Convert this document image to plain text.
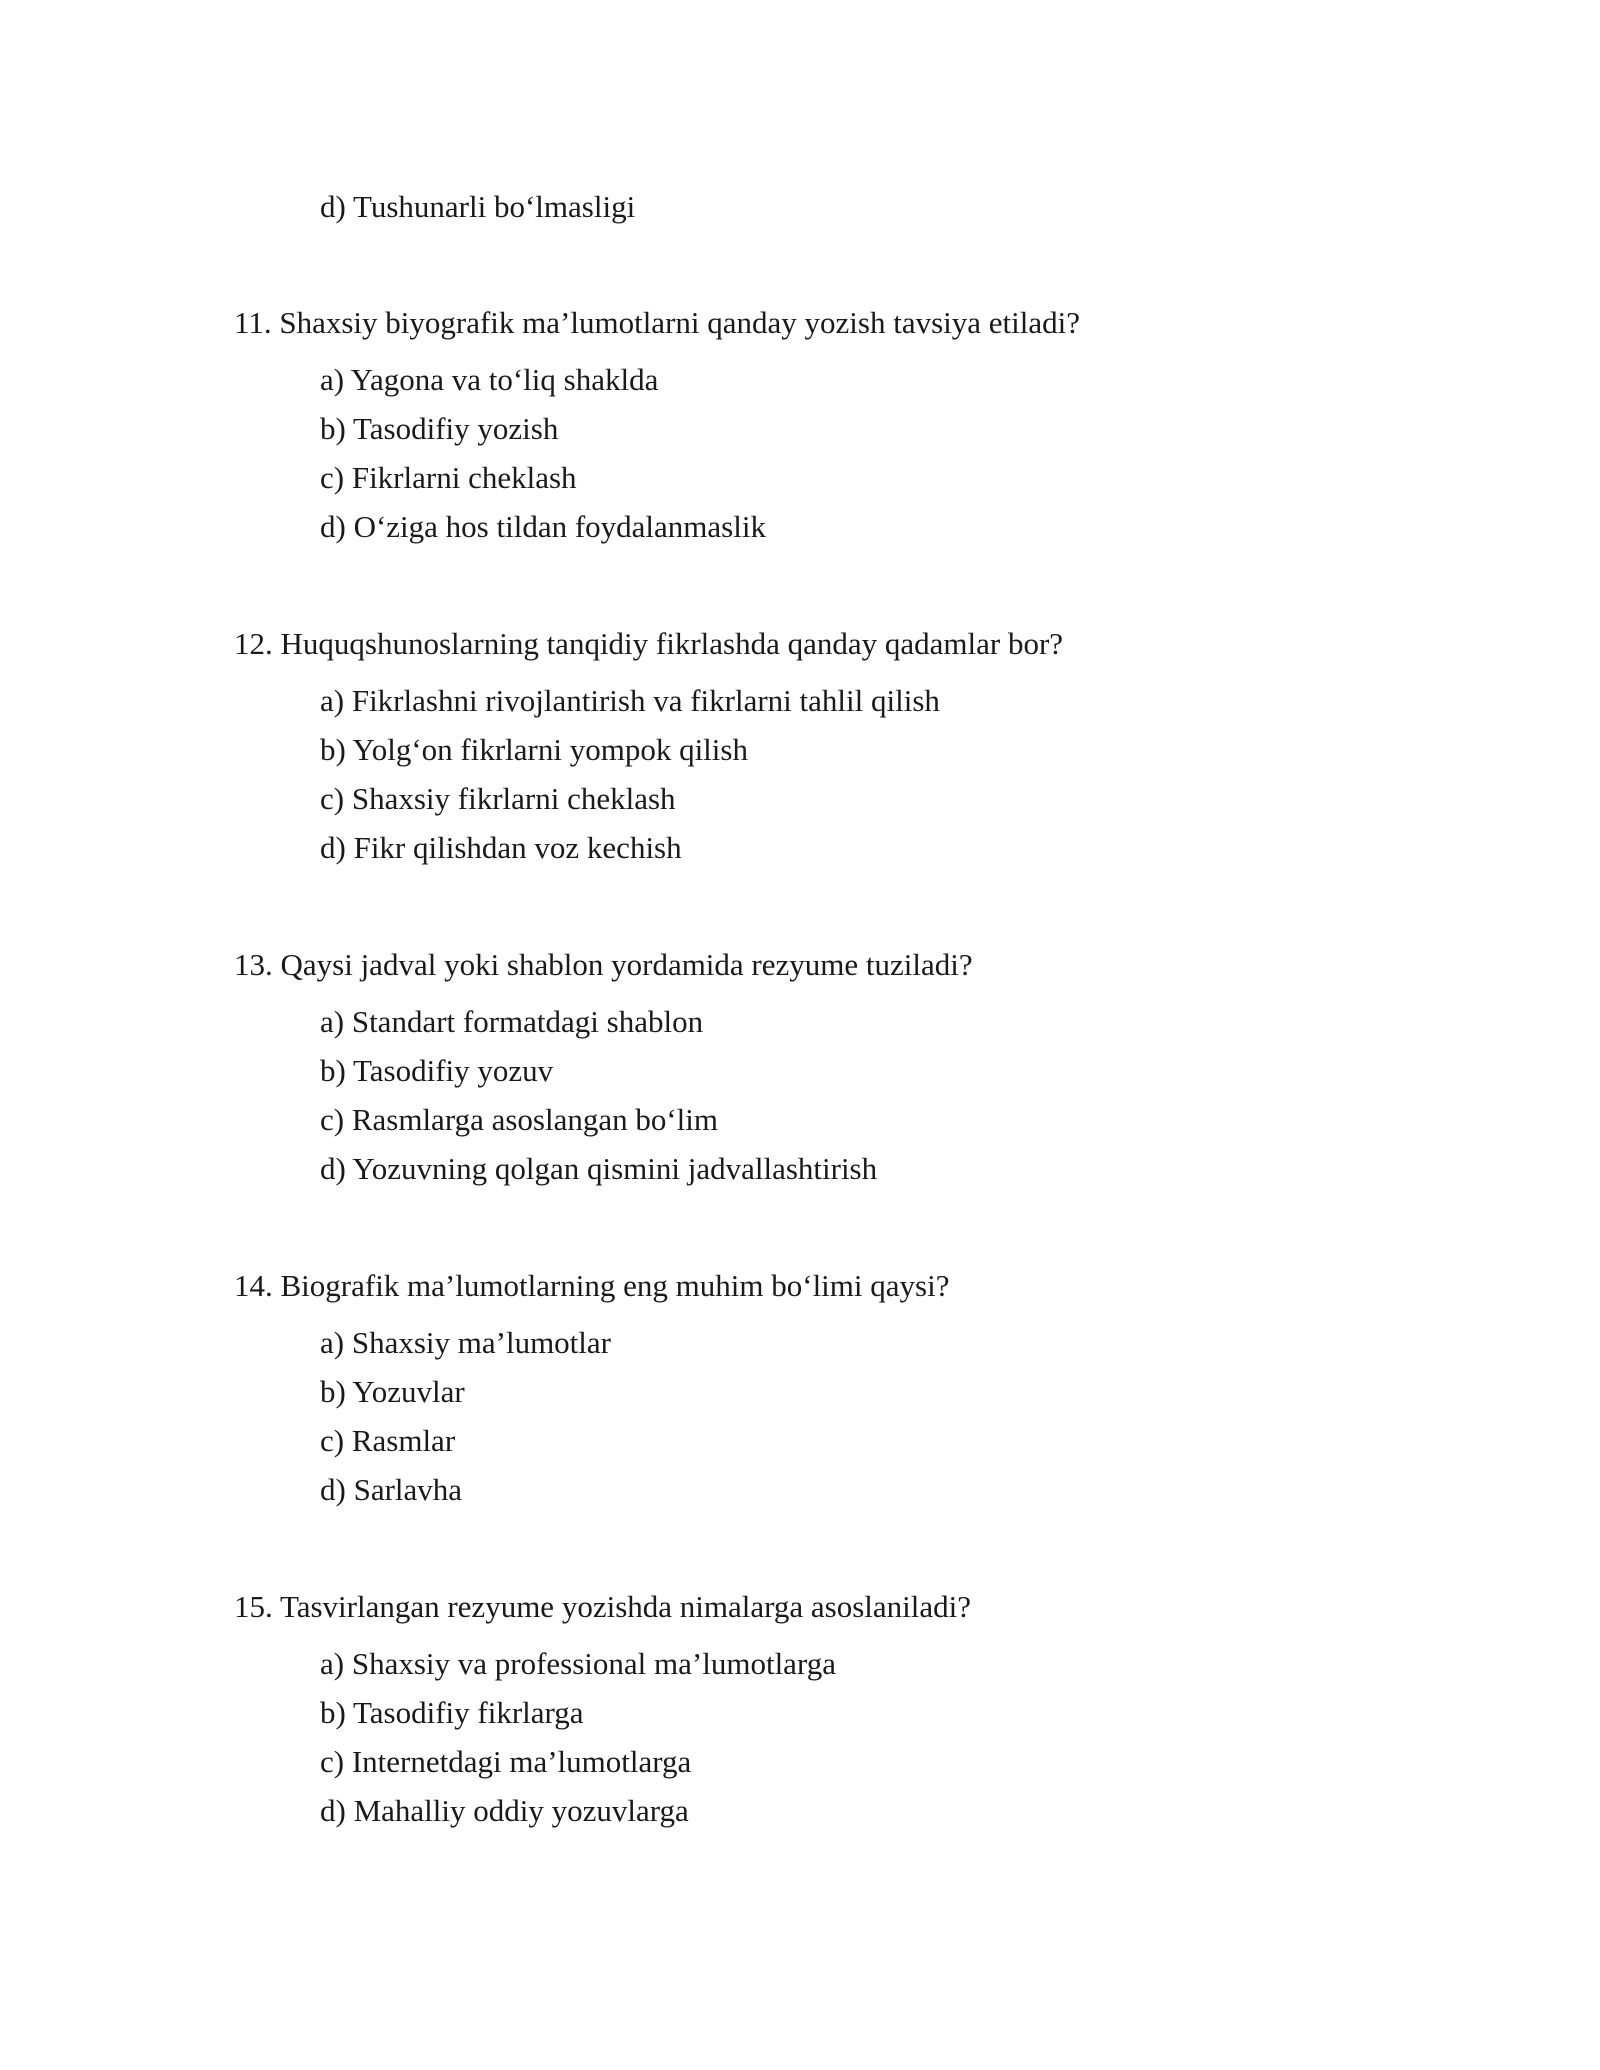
d) Tushunarli bo‘lmasligi
11. Shaxsiy biyografik ma’lumotlarni qanday yozish tavsiya etiladi?
a) Yagona va to‘liq shaklda
b) Tasodifiy yozish
c) Fikrlarni cheklash
d) O‘ziga hos tildan foydalanmaslik
12. Huquqshunoslarning tanqidiy fikrlashda qanday qadamlar bor?
a) Fikrlashni rivojlantirish va fikrlarni tahlil qilish
b) Yolg‘on fikrlarni yompok qilish
c) Shaxsiy fikrlarni cheklash
d) Fikr qilishdan voz kechish
13. Qaysi jadval yoki shablon yordamida rezyume tuziladi?
a) Standart formatdagi shablon
b) Tasodifiy yozuv
c) Rasmlarga asoslangan bo‘lim
d) Yozuvning qolgan qismini jadvallashtirish
14. Biografik ma’lumotlarning eng muhim bo‘limi qaysi?
a) Shaxsiy ma’lumotlar
b) Yozuvlar
c) Rasmlar
d) Sarlavha
15. Tasvirlangan rezyume yozishda nimalarga asoslaniladi?
a) Shaxsiy va professional ma’lumotlarga
b) Tasodifiy fikrlarga
c) Internetdagi ma’lumotlarga
d) Mahalliy oddiy yozuvlarga
